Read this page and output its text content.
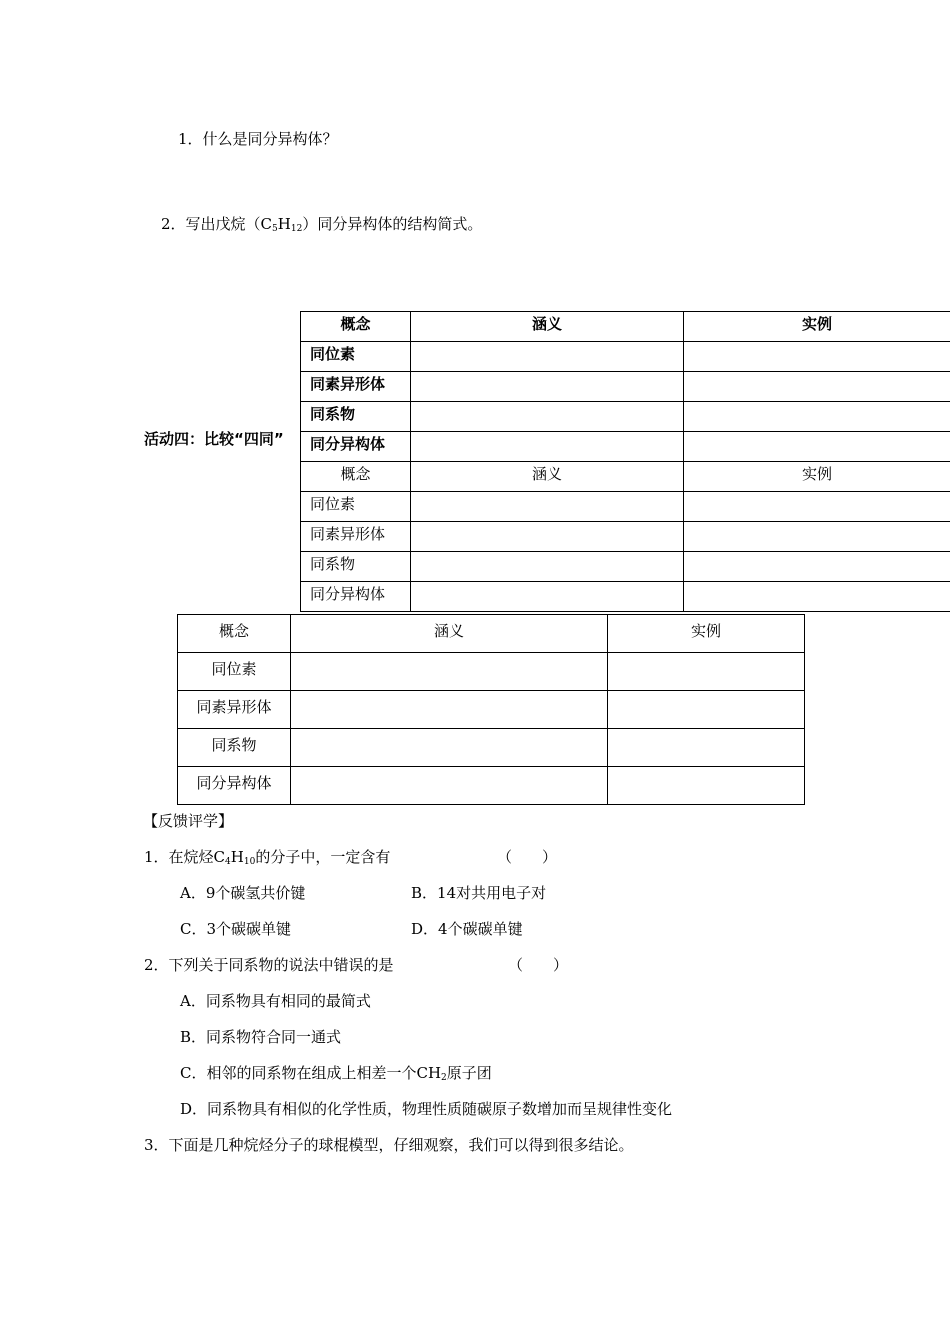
1．什么是同分异构体？
2．写出戊烷$(C_5H_{12})$同分异构体的结构简式。
活动四：比较“四同”
概念	涵义	实例
同位素		
同素异形体		
同系物		
同分异构体		
概念	涵义	实例
同位素		
同素异形体		
同系物		
同分异构体		
概念	涵义	实例
同位素		
同素异形体		
同系物		
同分异构体		
【反馈评学】
1．在烷烃$C_4H_{10}$的分子中，一定含有	（　　）
A．9个碳氢共价键	B．14对共用电子对
C．3个碳碳单键	D．4个碳碳单键
2．下列关于同系物的说法中错误的是	（　　）
A．同系物具有相同的最简式
B．同系物符合同一通式
C．相邻的同系物在组成上相差一个$CH_2$原子团
D．同系物具有相似的化学性质，物理性质随碳原子数增加而呈规律性变化
3．下面是几种烷烃分子的球棍模型，仔细观察，我们可以得到很多结论。
